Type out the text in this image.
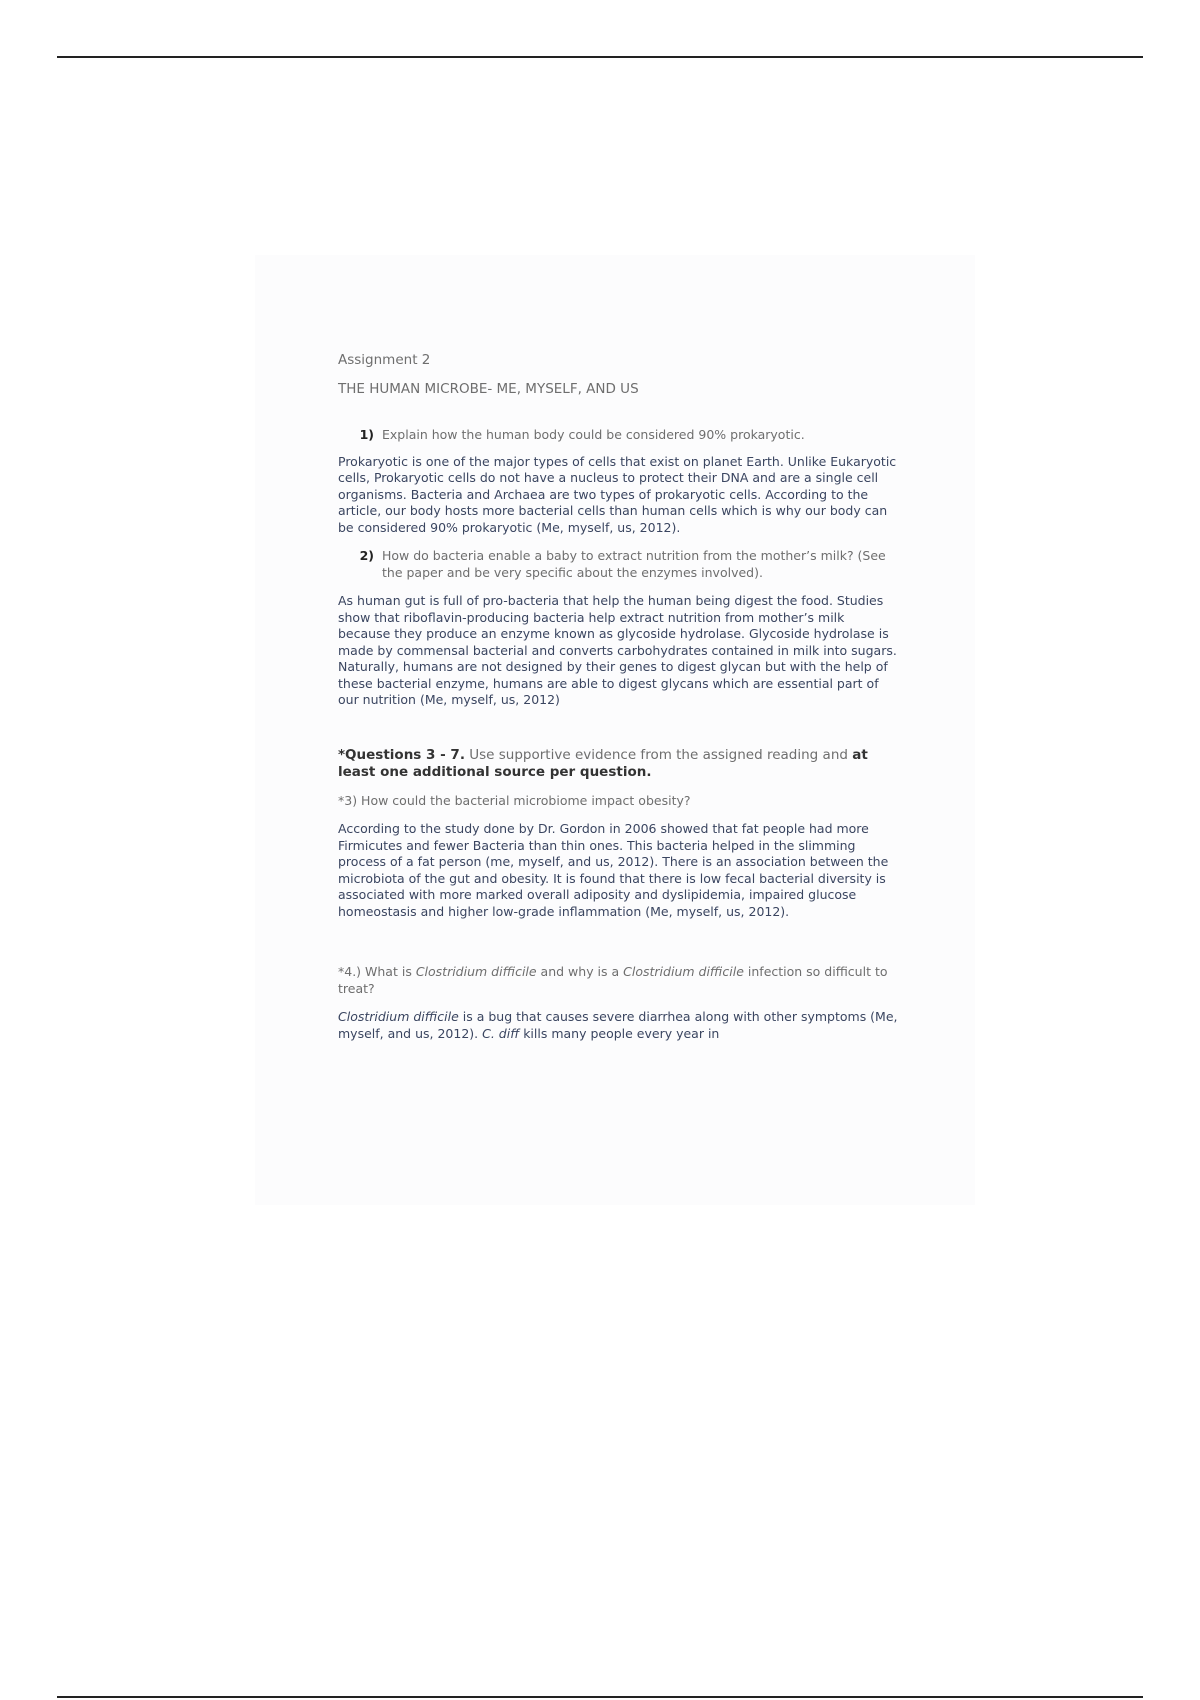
Assignment 2

THE HUMAN MICROBE- ME, MYSELF, AND US

1) Explain how the human body could be considered 90% prokaryotic.

Prokaryotic is one of the major types of cells that exist on planet Earth. Unlike Eukaryotic cells, Prokaryotic cells do not have a nucleus to protect their DNA and are a single cell organisms. Bacteria and Archaea are two types of prokaryotic cells. According to the article, our body hosts more bacterial cells than human cells which is why our body can be considered 90% prokaryotic (Me, myself, us, 2012).

2) How do bacteria enable a baby to extract nutrition from the mother’s milk? (See the paper and be very specific about the enzymes involved).

As human gut is full of pro-bacteria that help the human being digest the food. Studies show that riboflavin-producing bacteria help extract nutrition from mother’s milk because they produce an enzyme known as glycoside hydrolase. Glycoside hydrolase is made by commensal bacterial and converts carbohydrates contained in milk into sugars. Naturally, humans are not designed by their genes to digest glycan but with the help of these bacterial enzyme, humans are able to digest glycans which are essential part of our nutrition (Me, myself, us, 2012)

*Questions 3 - 7. Use supportive evidence from the assigned reading and at least one additional source per question.

*3) How could the bacterial microbiome impact obesity?

According to the study done by Dr. Gordon in 2006 showed that fat people had more Firmicutes and fewer Bacteria than thin ones. This bacteria helped in the slimming process of a fat person (me, myself, and us, 2012). There is an association between the microbiota of the gut and obesity. It is found that there is low fecal bacterial diversity is associated with more marked overall adiposity and dyslipidemia, impaired glucose homeostasis and higher low-grade inflammation (Me, myself, us, 2012).

*4.) What is Clostridium difficile and why is a Clostridium difficile infection so difficult to treat?

Clostridium difficile is a bug that causes severe diarrhea along with other symptoms (Me, myself, and us, 2012). C. diff kills many people every year in
